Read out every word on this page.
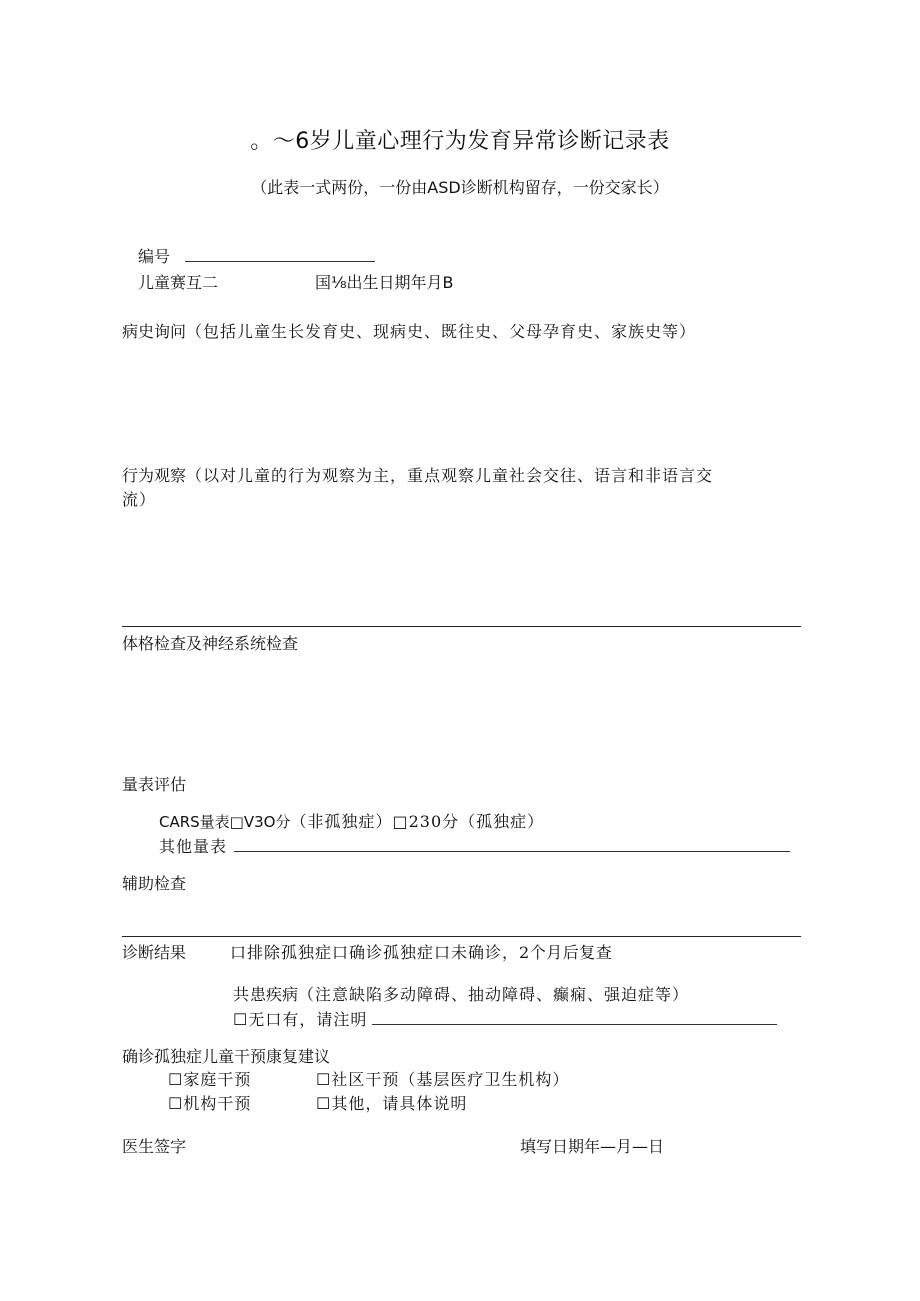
。～6岁儿童心理行为发育异常诊断记录表
（此表一式两份，一份由ASD诊断机构留存，一份交家长）
编号
儿童赛互二	国⅛出生日期年月B
病史询问（包括儿童生长发育史、现病史、既往史、父母孕育史、家族史等）
行为观察（以对儿童的行为观察为主，重点观察儿童社会交往、语言和非语言交
流）
体格检查及神经系统检查
量表评估
CARS量表□V3O分（非孤独症）□230分（孤独症）
其他量表
辅助检查
诊断结果	口排除孤独症口确诊孤独症口未确诊，2个月后复查
共患疾病（注意缺陷多动障碍、抽动障碍、癫痫、强迫症等）
☐无口有，请注明
确诊孤独症儿童干预康复建议
☐家庭干预	☐社区干预（基层医疗卫生机构）
☐机构干预	☐其他，请具体说明
医生签字	填写日期年—月—日
